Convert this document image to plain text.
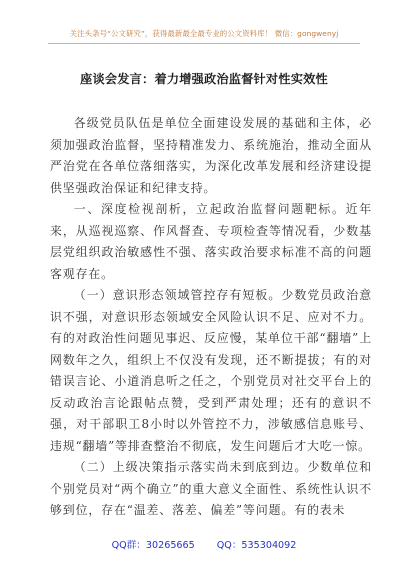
关注头条号“公文研究”，获得最新最全最专业的公文资料库！ 微信：gongwenyj
座谈会发言：着力增强政治监督针对性实效性

各级党员队伍是单位全面建设发展的基础和主体，必须加强政治监督，坚持精准发力、系统施治，推动全面从严治党在各单位落细落实，为深化改革发展和经济建设提供坚强政治保证和纪律支持。

一、深度检视剖析，立起政治监督问题靶标。近年来，从巡视巡察、作风督查、专项检查等情况看，少数基层党组织政治敏感性不强、落实政治要求标准不高的问题客观存在。

（一）意识形态领域管控存有短板。少数党员政治意识不强，对意识形态领域安全风险认识不足、应对不力。有的对政治性问题见事迟、反应慢，某单位干部“翻墙”上网数年之久，组织上不仅没有发现，还不断提拔；有的对错误言论、小道消息听之任之，个别党员对社交平台上的反动政治言论跟帖点赞，受到严肃处理；还有的意识不强，对干部职工8小时以外管控不力，涉敏感信息账号、违规“翻墙”等排查整治不彻底，发生问题后才大吃一惊。

（二）上级决策指示落实尚未到底到边。少数单位和个别党员对“两个确立”的重大意义全面性、系统性认识不够到位，存在“温差、落差、偏差”等问题。有的表未

QQ群：30265665 QQ：535304092
